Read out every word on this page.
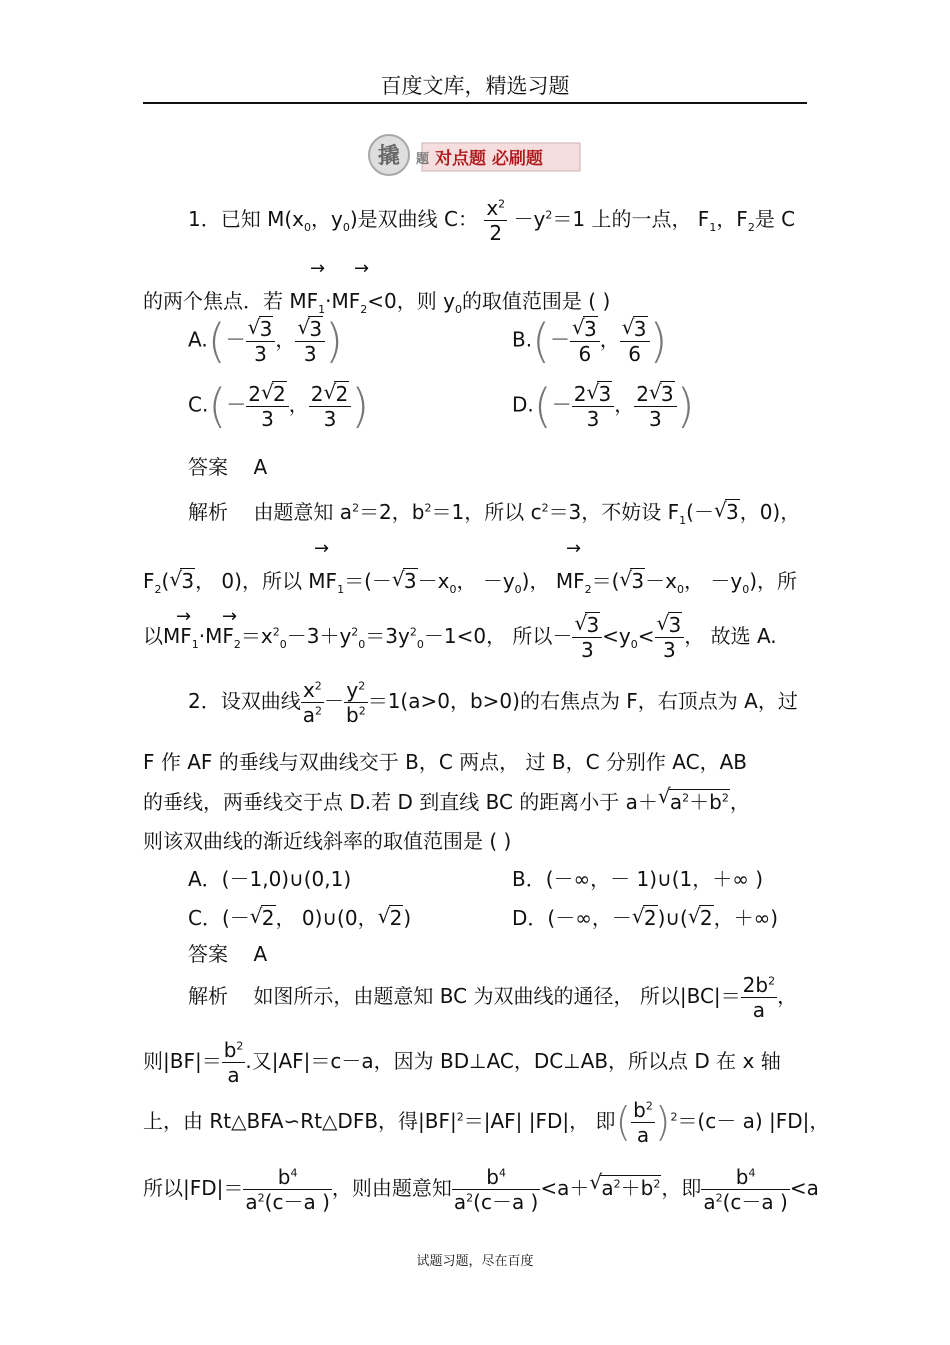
百度文库，精选习题
撬 题 对点题 必刷题
1．已知 $M(x_0$，$y_0$)是双曲线 C： $\frac{x^2}{2} -y^2=1$ 上的一点， $F_1$，$F_2$是 C
的两个焦点．若 $MF_1\cdot MF_2<0$，则 $y_0$的取值范围是 ( )
→ →
A.(－
√ $\frac{3}{3}$ ，
√ $\frac{3}{3}$ )	B.(－
√ $\frac{3}{6}$ ，
√ $\frac{3}{6}$ )
$C.(- \frac{2√ 2}{3}$ ， $\frac{2√ 2}{3}$ )	$D.(- \frac{2√ 3}{3}$ ， $\frac{2√ 3}{3}$ )
答案 A
解析 由题意知 $a^2=2$，$b^2=1$，所以 $c^2=3$，不妨设 $F_1(-√$ 3，0)，
$F_2(√$ 3， 0)，所以 $MF_1=(-√$ $3-x_0$， $-y_0$)， $MF_2=(√$ $3-x_0$， $-y_0$)，所
→	→
以$MF_1\cdot MF_2=x^2_0-3+y^2_0=3y^2_0-1<0$， 所以－
√ $\frac{3}{3} <y_0<$
√ $\frac{3}{3}$ ， 故选 A.
→ →
2．设双曲线 $\frac{x^2}{a^2} - \frac{y^2}{b^2} =1(a>0$，b>0)的右焦点为 F，右顶点为 A，过
F 作 AF 的垂线与双曲线交于 B，C 两点， 过 B，C 分别作 AC，AB
的垂线，两垂线交于点 D.若 D 到直线 BC 的距离小于 a＋√ $a^2+b^2$，
则该双曲线的渐近线斜率的取值范围是 ( )
A．(－1,0)∪(0,1)	B．(－∞，－ 1)∪(1，＋∞ )
C．(－√ 2， 0)∪(0，√ 2)	D．(－∞，－√ 2)∪(√ 2，＋∞)
答案 A
解析 如图所示，由题意知 BC 为双曲线的通径， 所以$|BC|= \frac{2b^2}{a}$ ，
则$|BF|= \frac{b^2}{a}$ .又|AF|＝c－a，因为 BD⊥AC，DC⊥AB，所以点 D 在 x 轴
上，由 Rt△BFA∽Rt△DFB，得$|BF|^2=|AF|$ |FD|， 即( $\frac{b^2}{a} )^2=(c- a)$ |FD|，
所以$|FD|= \frac{b^4}{a^2(c-a )}$ ，则由题意知 $\frac{b^4}{a^2(c-a )} <a+√$ $a^2+b^2$，即 $\frac{b^4}{a^2(c-a )} <a$
试题习题，尽在百度
